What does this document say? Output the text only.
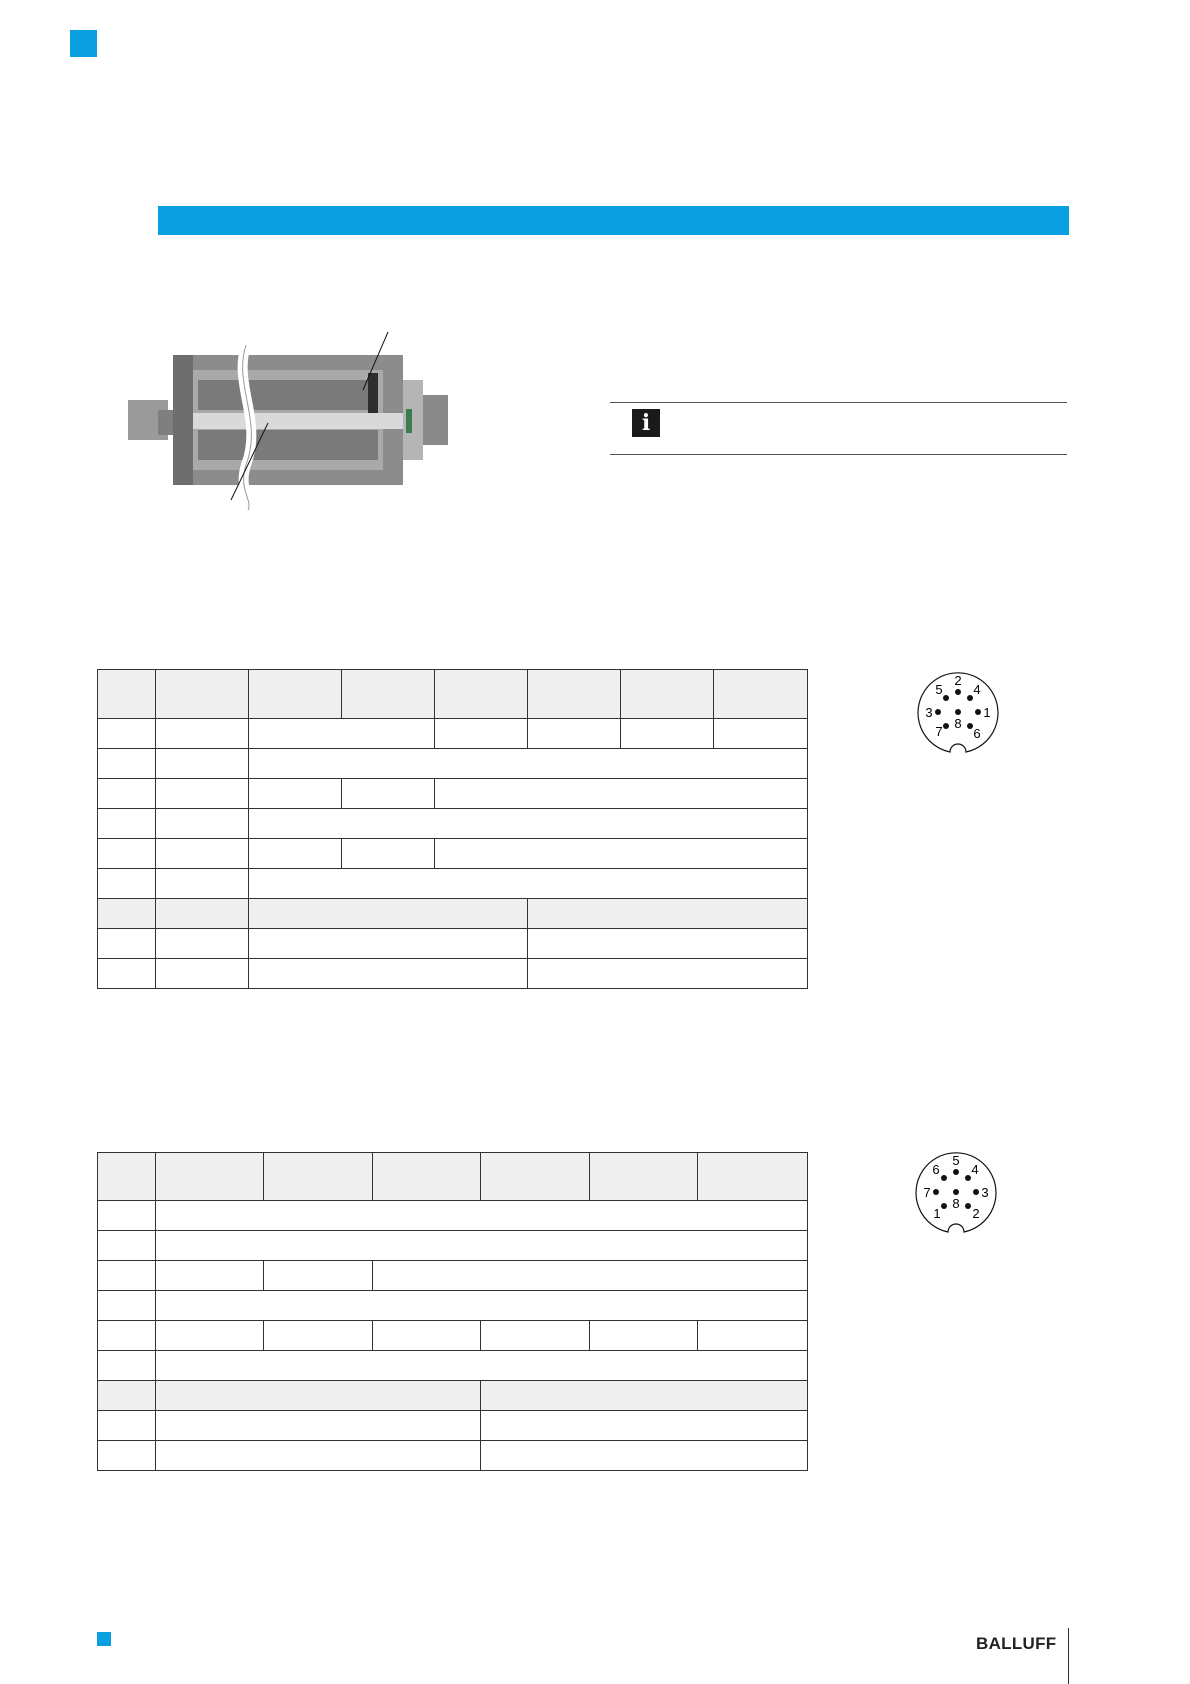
i

2
4
5
3
8
1
7 6

5
6 4
7	3
8
1 2
BALLUFF
